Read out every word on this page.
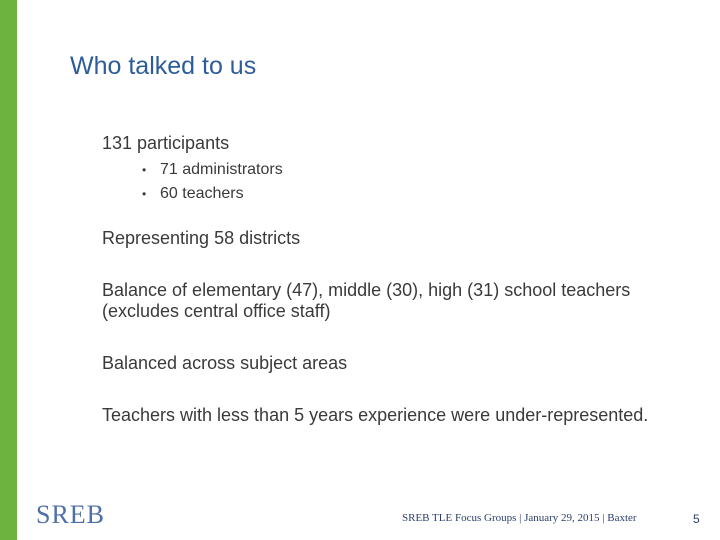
Who talked to us
131 participants
• 71 administrators
• 60 teachers
Representing 58 districts
Balance of elementary (47), middle (30), high (31) school teachers (excludes central office staff)
Balanced across subject areas
Teachers with less than 5 years experience were under-represented.
SREB	SREB TLE Focus Groups | January 29, 2015 | Baxter	5
